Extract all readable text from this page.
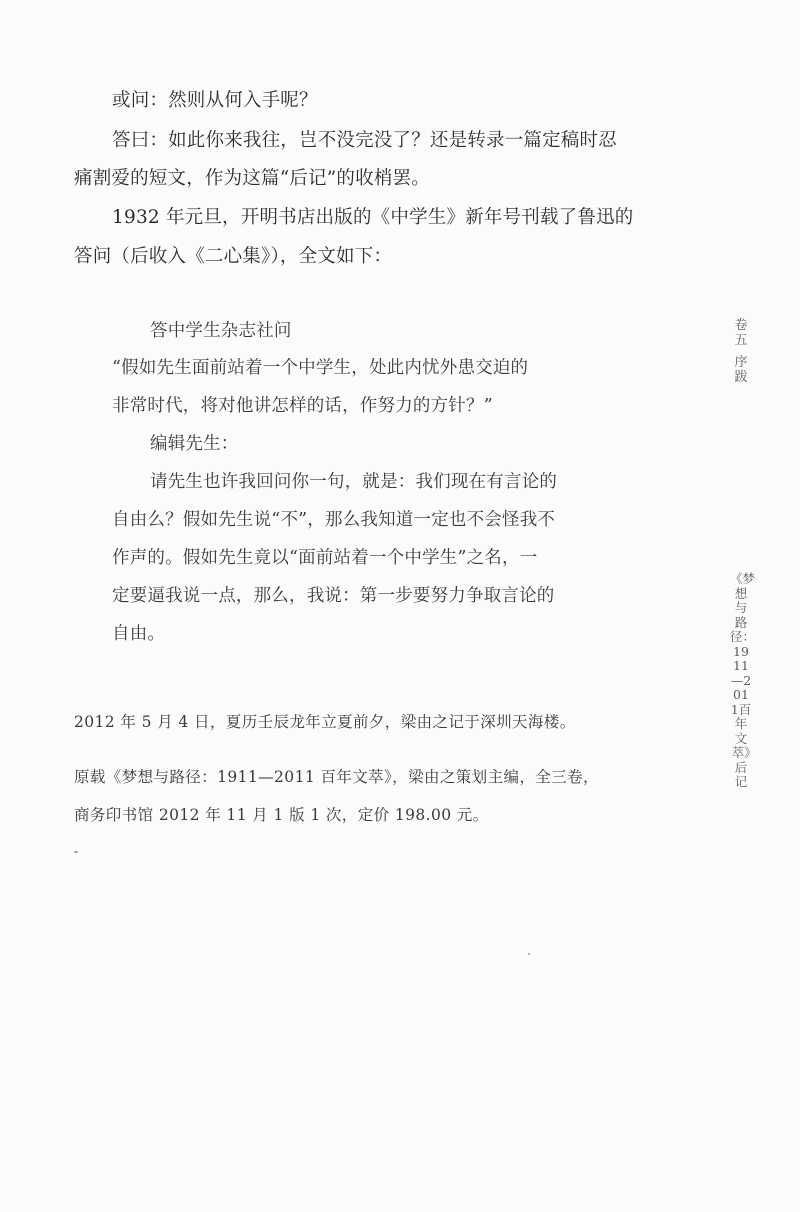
或问：然则从何入手呢？
答曰：如此你来我往，岂不没完没了？还是转录一篇定稿时忍
痛割爱的短文，作为这篇“后记”的收梢罢。
1932 年元旦，开明书店出版的《中学生》新年号刊载了鲁迅的
答问（后收入《二心集》），全文如下：
答中学生杂志社问
“假如先生面前站着一个中学生，处此内忧外患交迫的
非常时代，将对他讲怎样的话，作努力的方针？”
编辑先生：
请先生也许我回问你一句，就是：我们现在有言论的
自由么？假如先生说“不”，那么我知道一定也不会怪我不
作声的。假如先生竟以“面前站着一个中学生”之名，一
定要逼我说一点，那么，我说：第一步要努力争取言论的
自由。
2012 年 5 月 4 日，夏历壬辰龙年立夏前夕，梁由之记于深圳天海楼。
原载《梦想与路径：1911—2011 百年文萃》，梁由之策划主编，全三卷，
商务印书馆 2012 年 11 月 1 版 1 次，定价 198.00 元。
卷五
序跋
《梦想与路径：1911—2011百年文萃》后记
